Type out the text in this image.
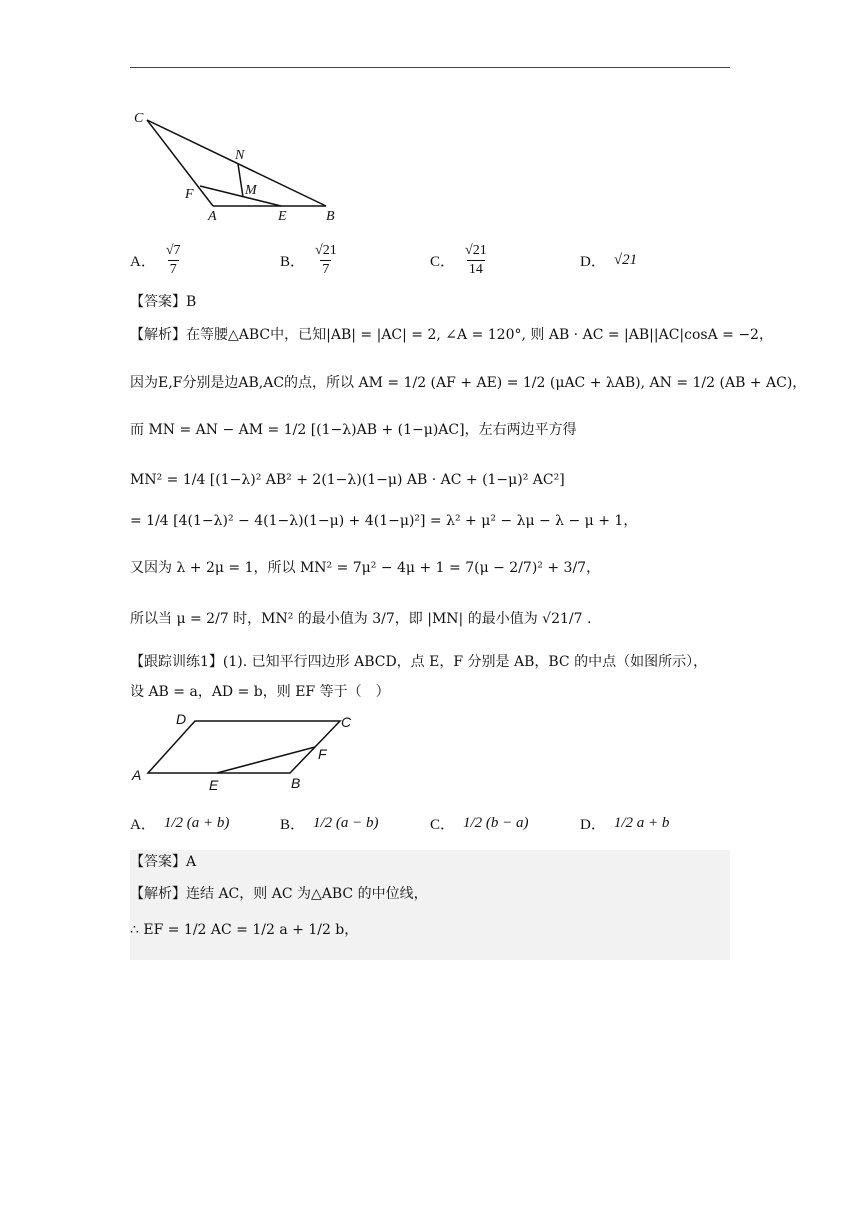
C
N
M
F
A	E	B
A． $\frac{√7}{7}$	B． $\frac{√21}{7}$	C． $\frac{√21}{14}$	D． √21
【答案】B
【解析】在等腰△ABC中，已知|AB| = |AC| = 2, ∠A = 120°, 则 AB · AC = |AB||AC|cosA = −2，
因为E,F分别是边AB,AC的点，所以 AM = 1/2 (AF + AE) = 1/2 (μAC + λAB), AN = 1/2 (AB + AC)，
而 MN = AN − AM = 1/2 [(1−λ)AB + (1−μ)AC]，左右两边平方得
MN² = 1/4 [(1−λ)² AB² + 2(1−λ)(1−μ) AB · AC + (1−μ)² AC²]
= 1/4 [4(1−λ)² − 4(1−λ)(1−μ) + 4(1−μ)²] = λ² + μ² − λμ − λ − μ + 1，
又因为 λ + 2μ = 1，所以 MN² = 7μ² − 4μ + 1 = 7(μ − 2/7)² + 3/7，
所以当 μ = 2/7 时，MN² 的最小值为 3/7，即 |MN| 的最小值为 √21/7 .
【跟踪训练1】(1). 已知平行四边形 ABCD，点 E，F 分别是 AB，BC 的中点（如图所示），
设 AB = a，AD = b，则 EF 等于（　）
D	C
F
A
E	B
A． 1/2 (a + b)	B． 1/2 (a − b)	C． 1/2 (b − a)	D． 1/2 a + b
【答案】A
【解析】连结 AC，则 AC 为△ABC 的中位线，
∴ EF = 1/2 AC = 1/2 a + 1/2 b，
